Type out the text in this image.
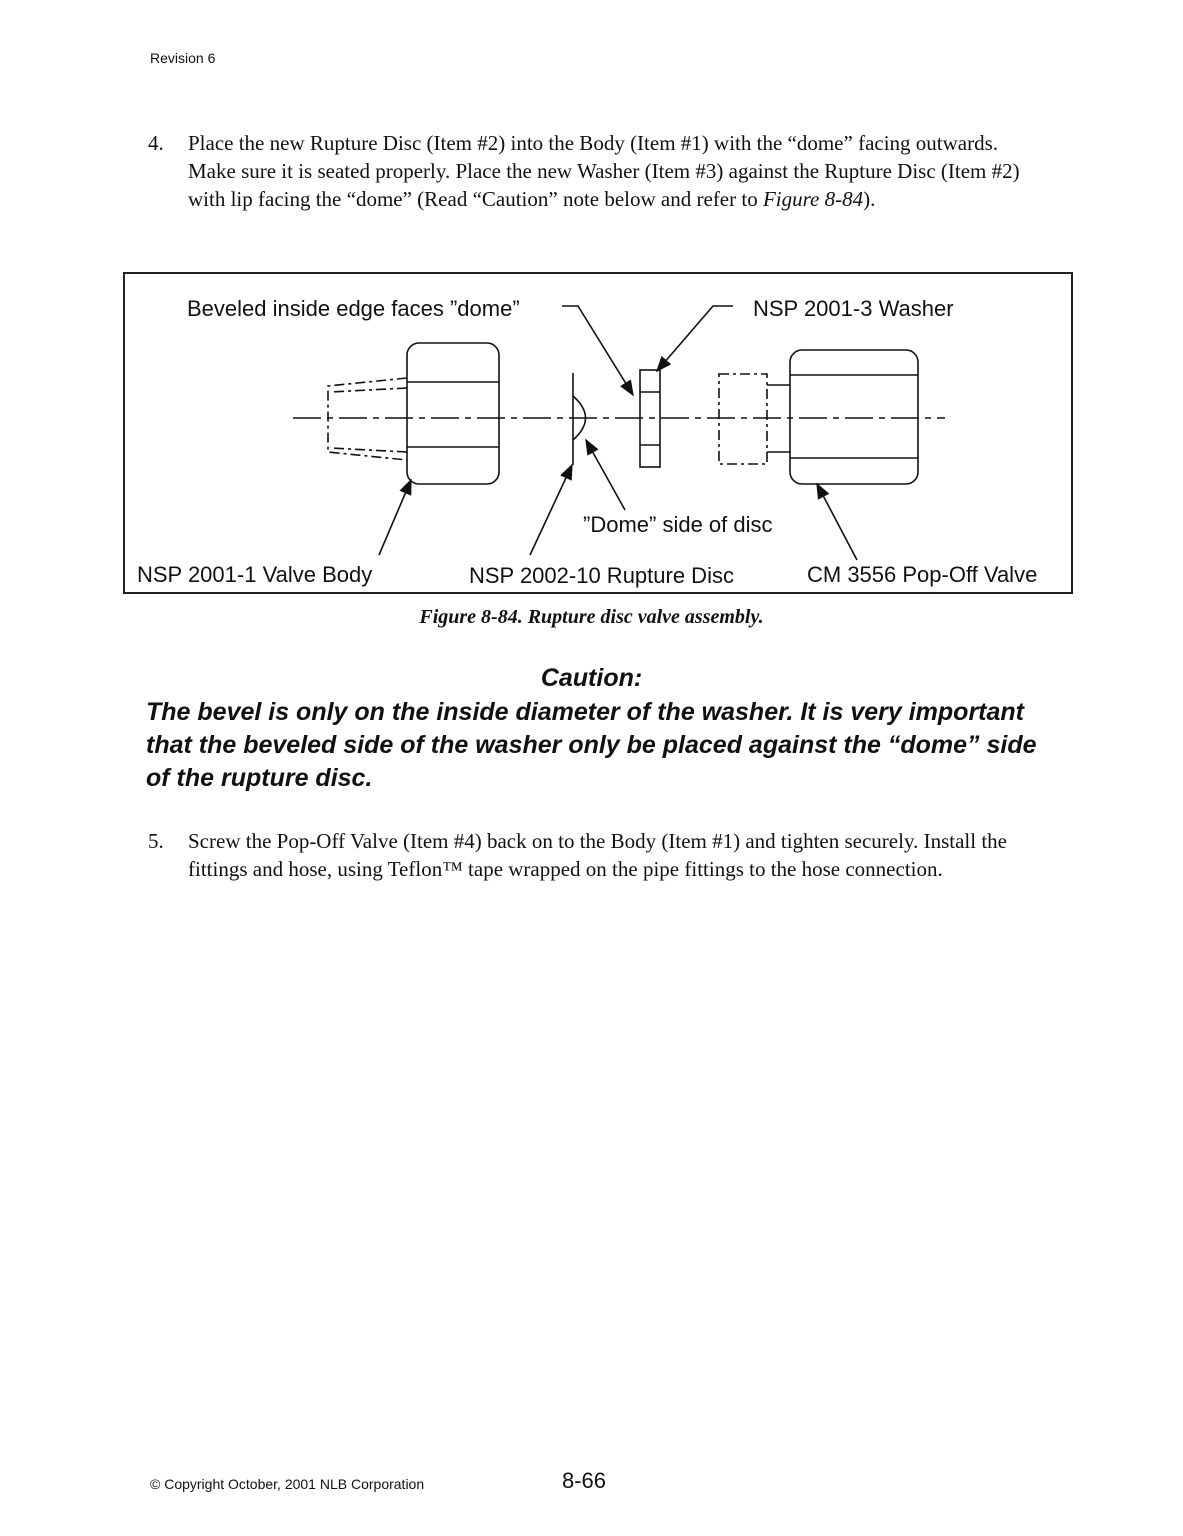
Revision 6
4. Place the new Rupture Disc (Item #2) into the Body (Item #1) with the “dome” facing outwards. Make sure it is seated properly. Place the new Washer (Item #3) against the Rupture Disc (Item #2) with lip facing the “dome” (Read “Caution” note below and refer to Figure 8-84).
Beveled inside edge faces ”dome”	NSP 2001-3 Washer
”Dome” side of disc
NSP 2001-1 Valve Body	NSP 2002-10 Rupture Disc	CM 3556 Pop-Off Valve
Figure 8-84. Rupture disc valve assembly.
Caution:
The bevel is only on the inside diameter of the washer. It is very important that the beveled side of the washer only be placed against the “dome” side of the rupture disc.
5. Screw the Pop-Off Valve (Item #4) back on to the Body (Item #1) and tighten securely. Install the fittings and hose, using Teflon™ tape wrapped on the pipe fittings to the hose connection.
© Copyright October, 2001 NLB Corporation	8-66
